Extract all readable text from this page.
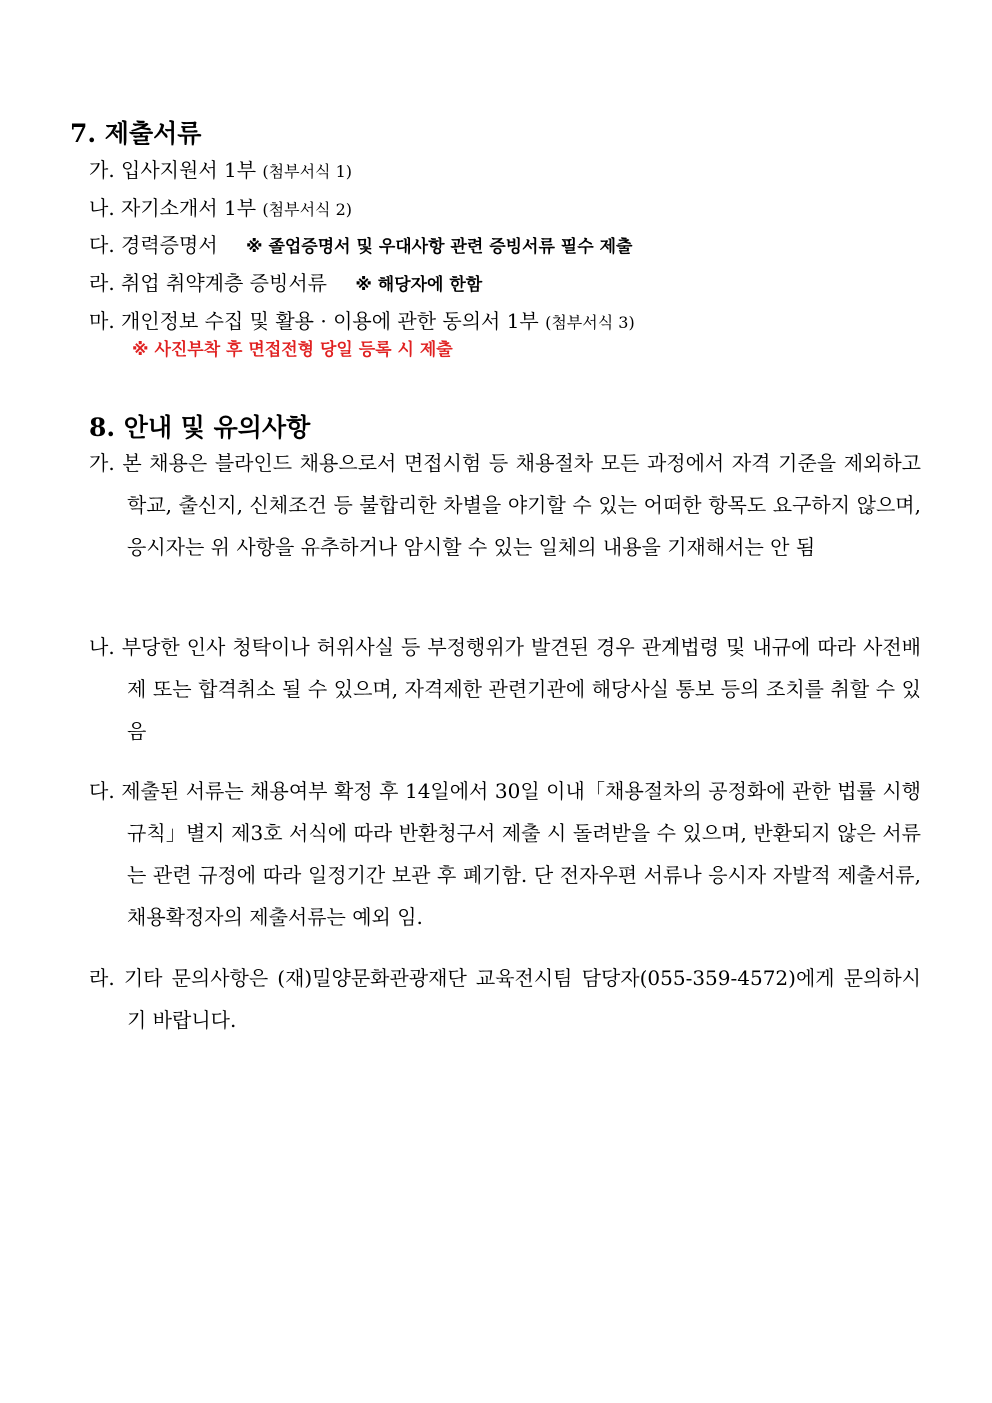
7. 제출서류
가. 입사지원서 1부 (첨부서식 1)
나. 자기소개서 1부 (첨부서식 2)
다. 경력증명서 ※ 졸업증명서 및 우대사항 관련 증빙서류 필수 제출
라. 취업 취약계층 증빙서류 ※ 해당자에 한함
마. 개인정보 수집 및 활용 · 이용에 관한 동의서 1부 (첨부서식 3)
※ 사진부착 후 면접전형 당일 등록 시 제출
8. 안내 및 유의사항
가. 본 채용은 블라인드 채용으로서 면접시험 등 채용절차 모든 과정에서 자격 기준을 제외하고 학교, 출신지, 신체조건 등 불합리한 차별을 야기할 수 있는 어떠한 항목도 요구하지 않으며, 응시자는 위 사항을 유추하거나 암시할 수 있는 일체의 내용을 기재해서는 안 됨
나. 부당한 인사 청탁이나 허위사실 등 부정행위가 발견된 경우 관계법령 및 내규에 따라 사전배제 또는 합격취소 될 수 있으며, 자격제한 관련기관에 해당사실 통보 등의 조치를 취할 수 있음
다. 제출된 서류는 채용여부 확정 후 14일에서 30일 이내「채용절차의 공정화에 관한 법률 시행규칙」별지 제3호 서식에 따라 반환청구서 제출 시 돌려받을 수 있으며, 반환되지 않은 서류는 관련 규정에 따라 일정기간 보관 후 폐기함. 단 전자우편 서류나 응시자 자발적 제출서류, 채용확정자의 제출서류는 예외 임.
라. 기타 문의사항은 (재)밀양문화관광재단 교육전시팀 담당자(055-359-4572)에게 문의하시기 바랍니다.
